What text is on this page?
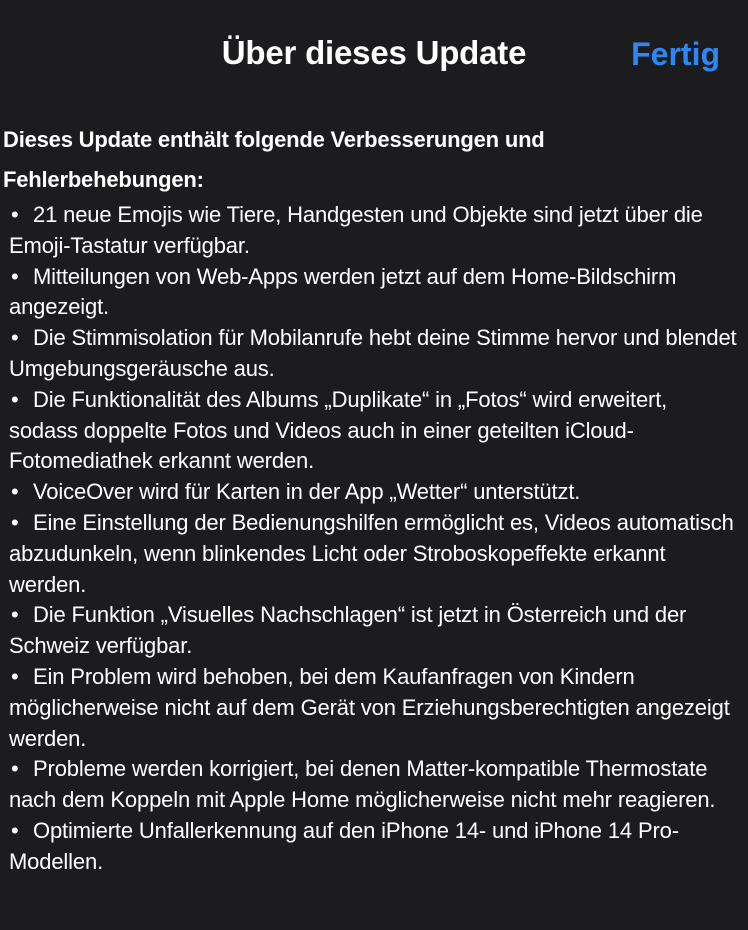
Über dieses Update	Fertig

Dieses Update enthält folgende Verbesserungen und Fehlerbehebungen:

• 21 neue Emojis wie Tiere, Handgesten und Objekte sind jetzt über die Emoji-Tastatur verfügbar.
• Mitteilungen von Web-Apps werden jetzt auf dem Home-Bildschirm angezeigt.
• Die Stimmisolation für Mobilanrufe hebt deine Stimme hervor und blendet Umgebungsgeräusche aus.
• Die Funktionalität des Albums „Duplikate“ in „Fotos“ wird erweitert, sodass doppelte Fotos und Videos auch in einer geteilten iCloud-Fotomediathek erkannt werden.
• VoiceOver wird für Karten in der App „Wetter“ unterstützt.
• Eine Einstellung der Bedienungshilfen ermöglicht es, Videos automatisch abzudunkeln, wenn blinkendes Licht oder Stroboskopeffekte erkannt werden.
• Die Funktion „Visuelles Nachschlagen“ ist jetzt in Österreich und der Schweiz verfügbar.
• Ein Problem wird behoben, bei dem Kaufanfragen von Kindern möglicherweise nicht auf dem Gerät von Erziehungsberechtigten angezeigt werden.
• Probleme werden korrigiert, bei denen Matter-kompatible Thermostate nach dem Koppeln mit Apple Home möglicherweise nicht mehr reagieren.
• Optimierte Unfallerkennung auf den iPhone 14- und iPhone 14 Pro-Modellen.
